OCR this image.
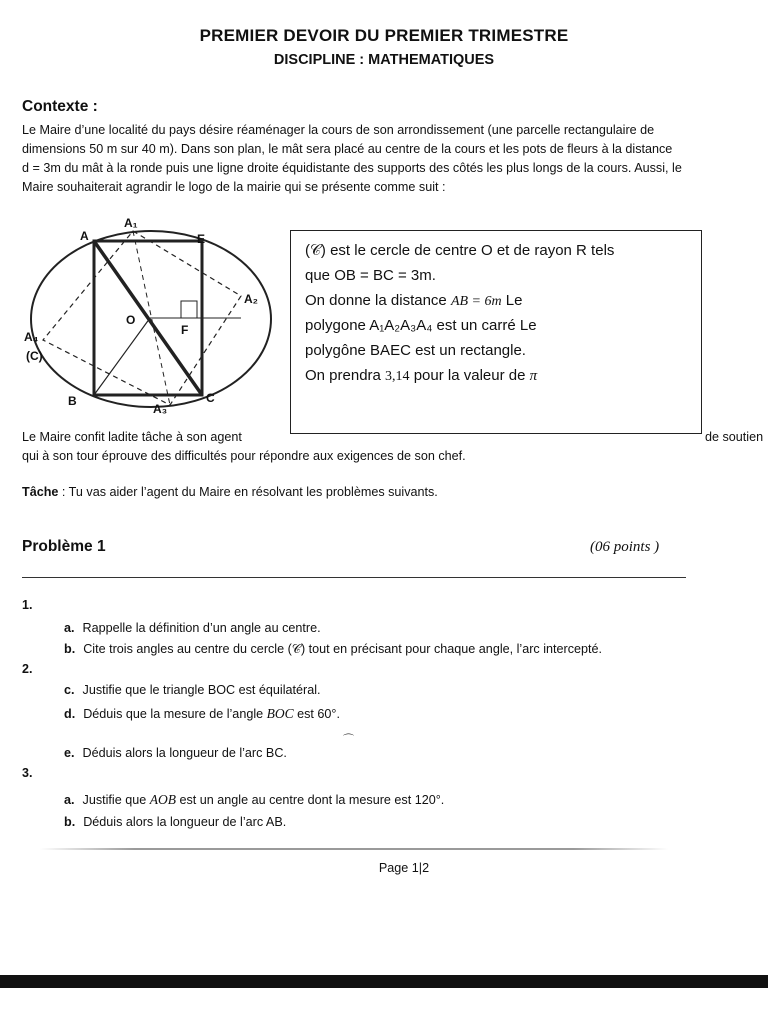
PREMIER DEVOIR DU PREMIER TRIMESTRE
DISCIPLINE : MATHEMATIQUES
Contexte :
Le Maire d’une localité du pays désire réaménager la cours de son arrondissement (une parcelle rectangulaire de
dimensions 50 m sur 40 m). Dans son plan, le mât sera placé au centre de la cours et les pots de fleurs à la distance
d = 3m du mât à la ronde puis une ligne droite équidistante des supports des côtés les plus longs de la cours. Aussi, le
Maire souhaiterait agrandir le logo de la mairie qui se présente comme suit :
A
A₁
E
A₂
O
F
A₄
(C)
B
A₃
C
(𝒞) est le cercle de centre O et de rayon R tels
que OB = BC = 3m.
On donne la distance AB = 6m Le
polygone A₁A₂A₃A₄ est un carré Le
polygône BAEC est un rectangle.
On prendra 3,14 pour la valeur de π
Le Maire confit ladite tâche à son agent	de soutien
qui à son tour éprouve des difficultés pour répondre aux exigences de son chef.
Tâche : Tu vas aider l’agent du Maire en résolvant les problèmes suivants.
Problème 1	(06 points )
1.
a. Rappelle la définition d’un angle au centre.
b. Cite trois angles au centre du cercle (𝒞) tout en précisant pour chaque angle, l’arc intercepté.
2.
c. Justifie que le triangle BOC est équilatéral.
d. Déduis que la mesure de l’angle BOC est 60°.
⌒
e. Déduis alors la longueur de l’arc BC.
3.
a. Justifie que AOB est un angle au centre dont la mesure est 120°.
b. Déduis alors la longueur de l’arc AB.
Page 1|2
